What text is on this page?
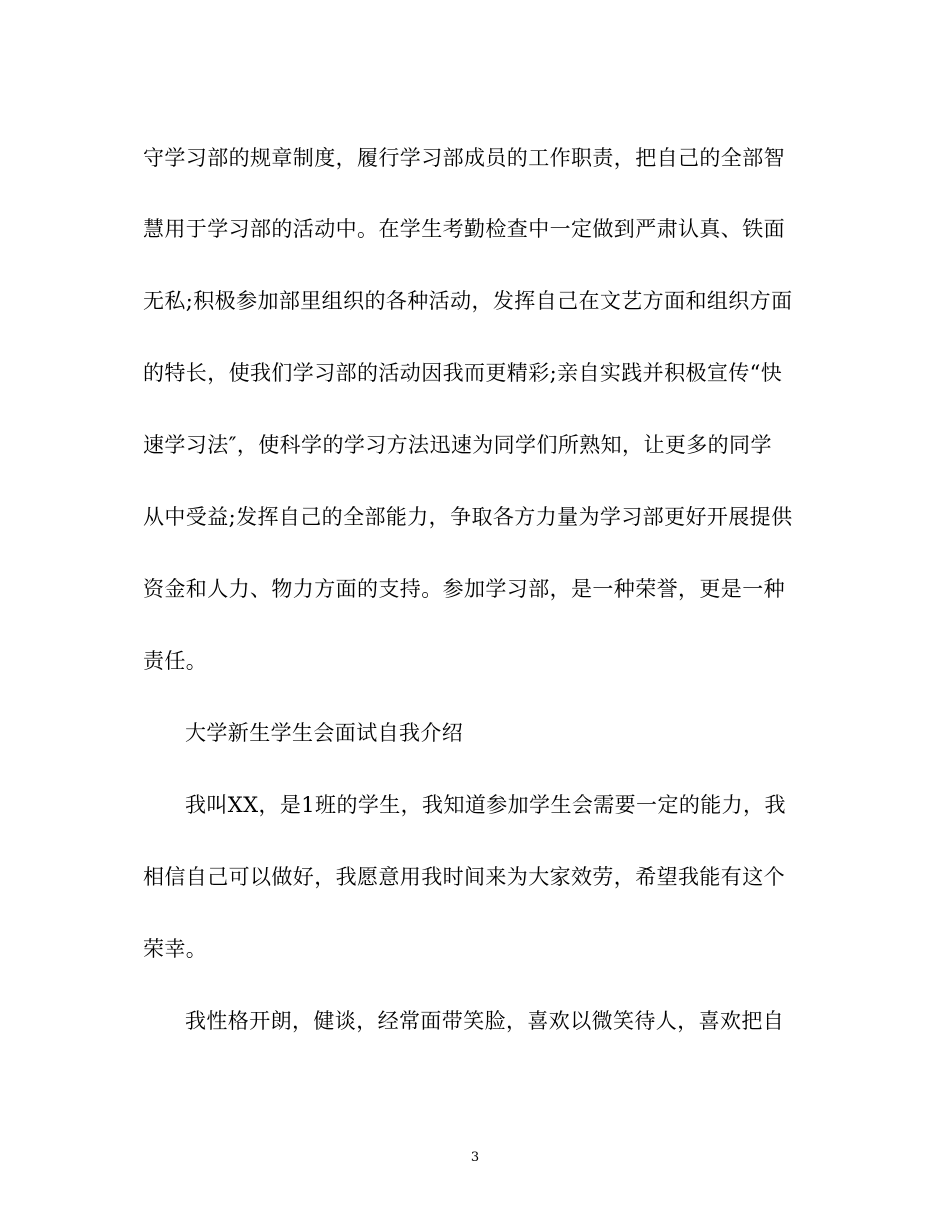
守学习部的规章制度，履行学习部成员的工作职责，把自己的全部智
慧用于学习部的活动中。在学生考勤检查中一定做到严肃认真、铁面
无私;积极参加部里组织的各种活动，发挥自己在文艺方面和组织方面
的特长，使我们学习部的活动因我而更精彩;亲自实践并积极宣传“快
速学习法″，使科学的学习方法迅速为同学们所熟知，让更多的同学
从中受益;发挥自己的全部能力，争取各方力量为学习部更好开展提供
资金和人力、物力方面的支持。参加学习部，是一种荣誉，更是一种
责任。
大学新生学生会面试自我介绍
我叫XX，是1班的学生，我知道参加学生会需要一定的能力，我
相信自己可以做好，我愿意用我时间来为大家效劳，希望我能有这个
荣幸。
我性格开朗，健谈，经常面带笑脸，喜欢以微笑待人，喜欢把自
3
